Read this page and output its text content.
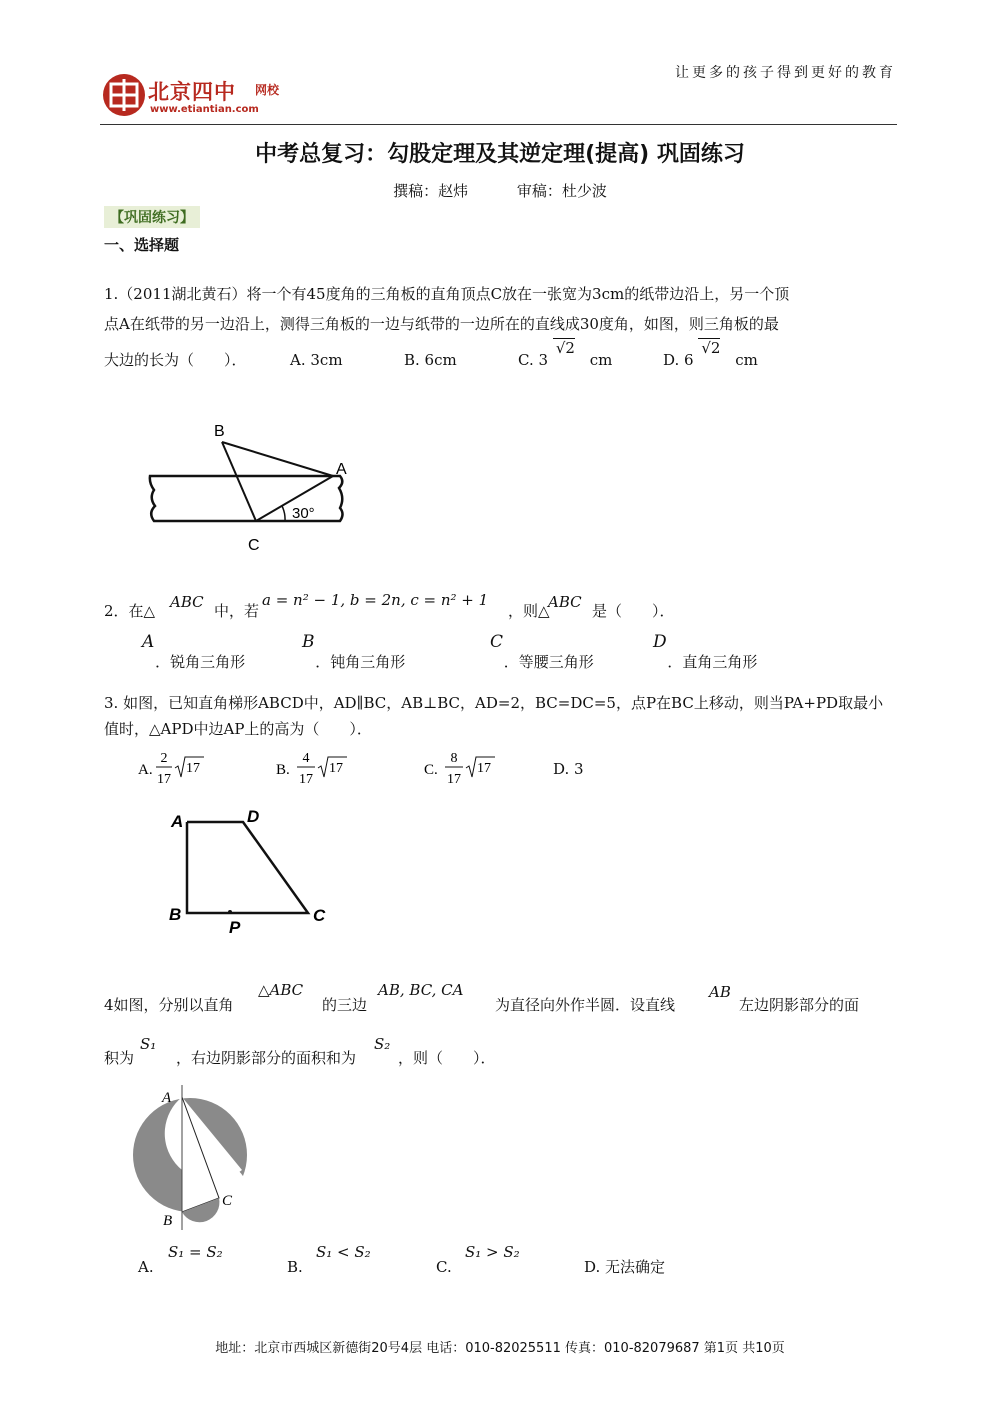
北京四中 网校
www.etiantian.com
让更多的孩子得到更好的教育
中考总复习：勾股定理及其逆定理(提高) 巩固练习
撰稿：赵炜	审稿：杜少波
【巩固练习】
一、选择题
1.（2011湖北黄石）将一个有45度角的三角板的直角顶点C放在一张宽为3cm的纸带边沿上，另一个顶
点A在纸带的另一边沿上，测得三角板的一边与纸带的一边所在的直线成30度角，如图，则三角板的最
大边的长为（　　）．	A. 3cm	B. 6cm	C. 3 √2 cm	D. 6 √2 cm
B
A
C
30°
2．在△ ABC 中，若
a = n² − 1, b = 2n, c = n² + 1
，则△
ABC 是（　　）．
A ．锐角三角形
B ．钝角三角形
C ．等腰三角形
D ．直角三角形
3. 如图，已知直角梯形ABCD中，AD∥BC，AB⊥BC，AD=2，BC=DC=5，点P在BC上移动，则当PA+PD取最小
值时，△APD中边AP上的高为（　　）．
A.
2
17
17	B.
4
17
17	C.
8
17
17	D. 3
A	D
B	C
P
4如图，分别以直角
△ABC
的三边
AB, BC, CA
为直径向外作半圆．设直线
AB
左边阴影部分的面
积为
S₁
，右边阴影部分的面积和为
S₂
，则（　　）．
A
B
C
A.
S₁ = S₂
B.
S₁ < S₂
C.
S₁ > S₂
D. 无法确定
地址：北京市西城区新德街20号4层 电话：010-82025511 传真：010-82079687 第1页 共10页
